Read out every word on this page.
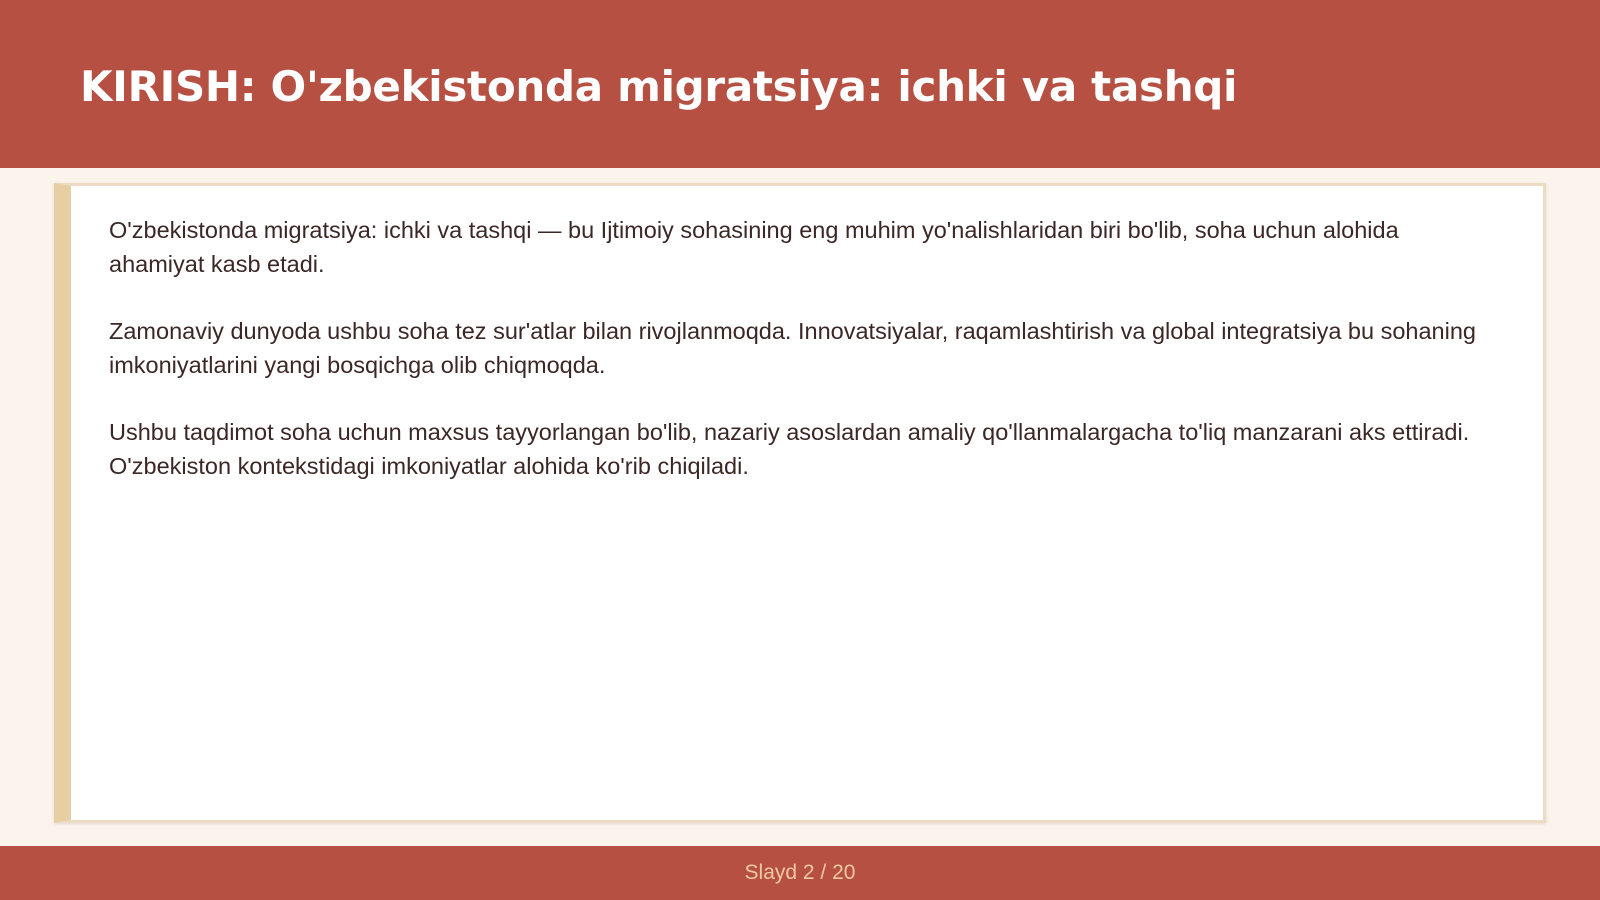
KIRISH: O'zbekistonda migratsiya: ichki va tashqi

O'zbekistonda migratsiya: ichki va tashqi — bu Ijtimoiy sohasining eng muhim yo'nalishlaridan biri bo'lib, soha uchun alohida ahamiyat kasb etadi.

Zamonaviy dunyoda ushbu soha tez sur'atlar bilan rivojlanmoqda. Innovatsiyalar, raqamlashtirish va global integratsiya bu sohaning imkoniyatlarini yangi bosqichga olib chiqmoqda.

Ushbu taqdimot soha uchun maxsus tayyorlangan bo'lib, nazariy asoslardan amaliy qo'llanmalargacha to'liq manzarani aks ettiradi. O'zbekiston kontekstidagi imkoniyatlar alohida ko'rib chiqiladi.

Slayd 2 / 20
